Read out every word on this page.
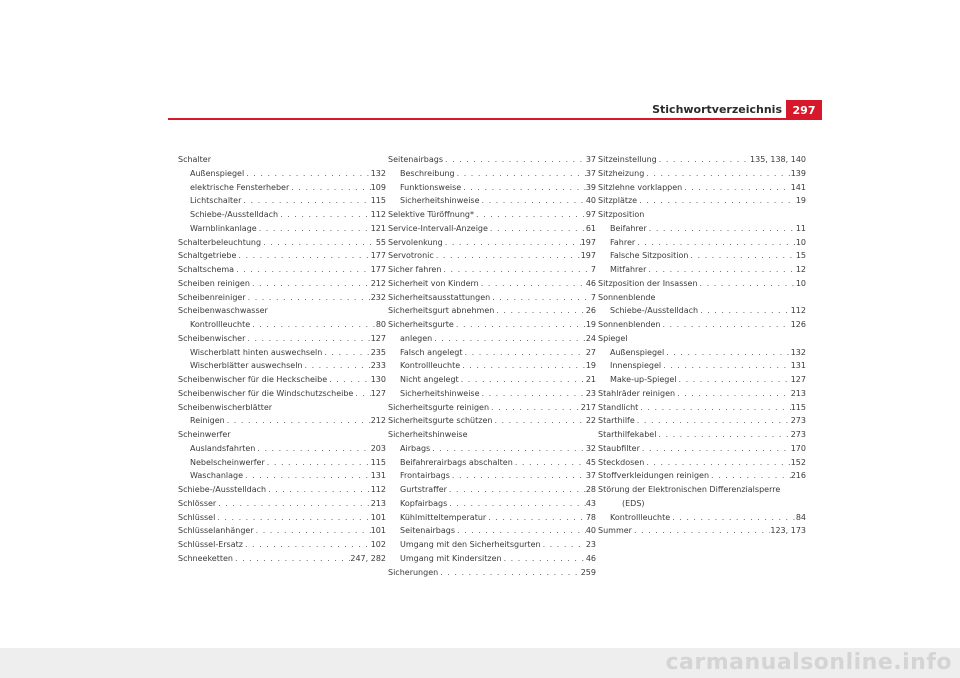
Stichwortverzeichnis 297
Schalter
Außenspiegel . . .	132
elektrische Fensterheber . . .	109
Lichtschalter . . .	115
Schiebe-/Ausstelldach . . .	112
Warnblinkanlage . . .	121
Schalterbeleuchtung . . .	55
Schaltgetriebe . . .	177
Schaltschema . . .	177
Scheiben reinigen . . .	212
Scheibenreiniger . . .	232
Scheibenwaschwasser
Kontrollleuchte . . .	80
Scheibenwischer . . .	127
Wischerblatt hinten auswechseln . . .	235
Wischerblätter auswechseln . . .	233
Scheibenwischer für die Heckscheibe . . .	130
Scheibenwischer für die Windschutzscheibe . . . 127
Scheibenwischerblätter
Reinigen . . .	212
Scheinwerfer
Auslandsfahrten . . .	203
Nebelscheinwerfer . . .	115
Waschanlage . . .	131
Schiebe-/Ausstelldach . . .	112
Schlösser . . .	213
Schlüssel . . .	101
Schlüsselanhänger . . .	101
Schlüssel-Ersatz . . .	102
Schneeketten . . .	247, 282
Seitenairbags . . .	37
Beschreibung . . .	37
Funktionsweise . . .	39
Sicherheitshinweise . . .	40
Selektive Türöffnung* . . .	97
Service-Intervall-Anzeige . . .	61
Servolenkung . . .	197
Servotronic . . .	197
Sicher fahren . . .	7
Sicherheit von Kindern . . .	46
Sicherheitsausstattungen . . .	7
Sicherheitsgurt abnehmen . . .	26
Sicherheitsgurte . . .	19
anlegen . . .	24
Falsch angelegt . . .	27
Kontrollleuchte . . .	19
Nicht angelegt . . .	21
Sicherheitshinweise . . .	23
Sicherheitsgurte reinigen . . .	217
Sicherheitsgurte schützen . . .	22
Sicherheitshinweise
Airbags . . .	32
Beifahrerairbags abschalten . . .	45
Frontairbags . . .	37
Gurtstraffer . . .	28
Kopfairbags . . .	43
Kühlmitteltemperatur . . .	78
Seitenairbags . . .	40
Umgang mit den Sicherheitsgurten . . .	23
Umgang mit Kindersitzen . . .	46
Sicherungen . . .	259
Sitzeinstellung . . .	135, 138, 140
Sitzheizung . . .	139
Sitzlehne vorklappen . . .	141
Sitzplätze . . .	19
Sitzposition
Beifahrer . . .	11
Fahrer . . .	10
Falsche Sitzposition . . .	15
Mitfahrer . . .	12
Sitzposition der Insassen . . .	10
Sonnenblende
Schiebe-/Ausstelldach . . .	112
Sonnenblenden . . .	126
Spiegel
Außenspiegel . . .	132
Innenspiegel . . .	131
Make-up-Spiegel . . .	127
Stahlräder reinigen . . .	213
Standlicht . . .	115
Starthilfe . . .	273
Starthilfekabel . . .	273
Staubfilter . . .	170
Steckdosen . . .	152
Stoffverkleidungen reinigen . . .	216
Störung der Elektronischen Differenzialsperre
(EDS)
Kontrollleuchte . . .	84
Summer . . .	123, 173
carmanualsonline.info
